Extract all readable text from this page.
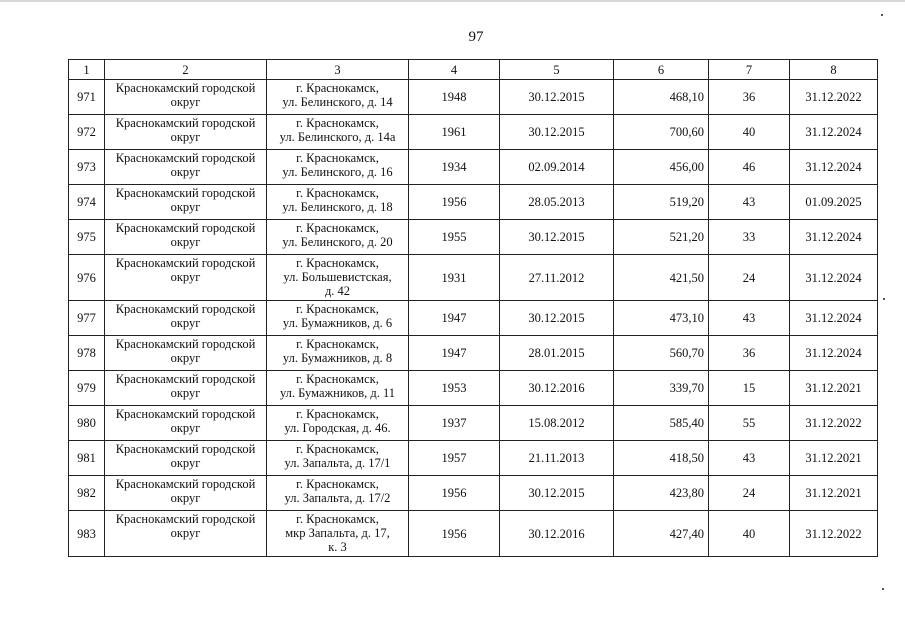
97
1	2	3	4	5	6	7	8
971	Краснокамский городской округ	г. Краснокамск,
ул. Белинского, д. 14	1948	30.12.2015	468,10	36	31.12.2022
972	Краснокамский городской округ	г. Краснокамск,
ул. Белинского, д. 14а	1961	30.12.2015	700,60	40	31.12.2024
973	Краснокамский городской округ	г. Краснокамск,
ул. Белинского, д. 16	1934	02.09.2014	456,00	46	31.12.2024
974	Краснокамский городской округ	г. Краснокамск,
ул. Белинского, д. 18	1956	28.05.2013	519,20	43	01.09.2025
975	Краснокамский городской округ	г. Краснокамск,
ул. Белинского, д. 20	1955	30.12.2015	521,20	33	31.12.2024
976	Краснокамский городской округ	г. Краснокамск,
ул. Большевистская,
д. 42	1931	27.11.2012	421,50	24	31.12.2024
977	Краснокамский городской округ	г. Краснокамск,
ул. Бумажников, д. 6	1947	30.12.2015	473,10	43	31.12.2024
978	Краснокамский городской округ	г. Краснокамск,
ул. Бумажников, д. 8	1947	28.01.2015	560,70	36	31.12.2024
979	Краснокамский городской округ	г. Краснокамск,
ул. Бумажников, д. 11	1953	30.12.2016	339,70	15	31.12.2021
980	Краснокамский городской округ	г. Краснокамск,
ул. Городская, д. 46.	1937	15.08.2012	585,40	55	31.12.2022
981	Краснокамский городской округ	г. Краснокамск,
ул. Запальта, д. 17/1	1957	21.11.2013	418,50	43	31.12.2021
982	Краснокамский городской округ	г. Краснокамск,
ул. Запальта, д. 17/2	1956	30.12.2015	423,80	24	31.12.2021
983	Краснокамский городской округ	г. Краснокамск,
мкр Запальта, д. 17,
к. 3	1956	30.12.2016	427,40	40	31.12.2022
